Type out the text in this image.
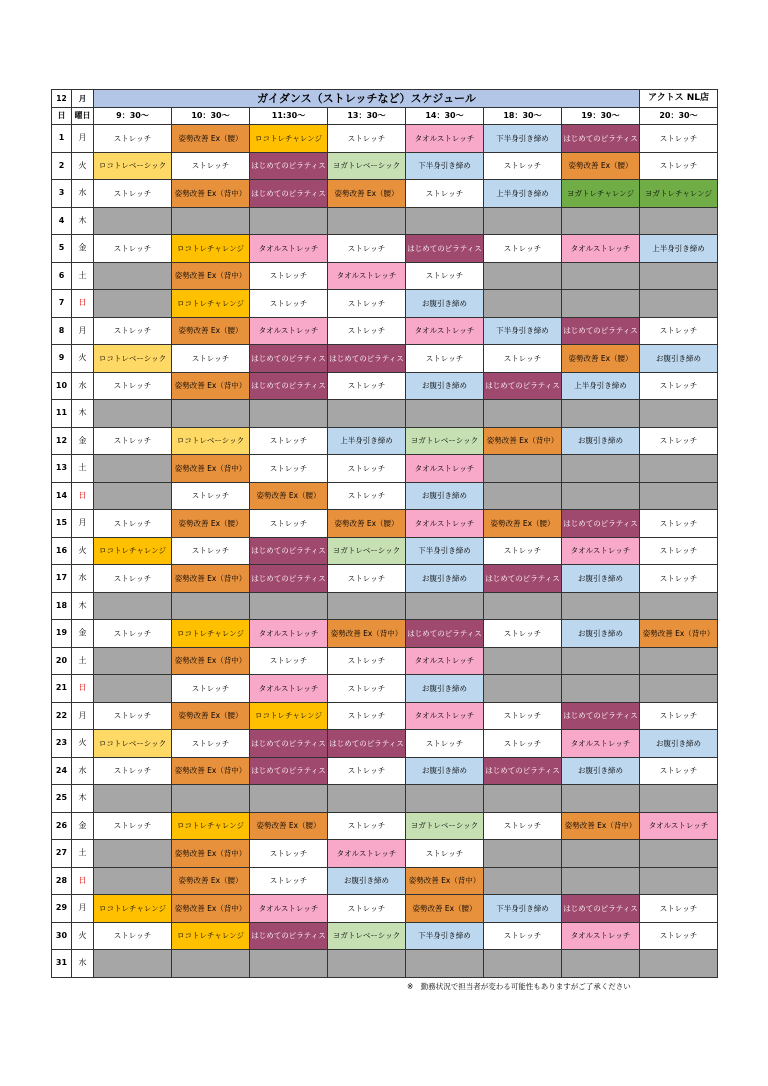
12	月	ガイダンス（ストレッチなど）スケジュール							アクトス NL店
日	曜日	9：30～	10：30～	11:30～	13：30～	14：30～	18：30～	19：30～	20：30～
1	月	ストレッチ	姿勢改善 Ex（腰）	ロコトレチャレンジ	ストレッチ	タオルストレッチ	下半身引き締め	はじめてのピラティス	ストレッチ
2	火	ロコトレベーシック	ストレッチ	はじめてのピラティス	ヨガトレベーシック	下半身引き締め	ストレッチ	姿勢改善 Ex（腰）	ストレッチ
3	水	ストレッチ	姿勢改善 Ex（背中）	はじめてのピラティス	姿勢改善 Ex（腰）	ストレッチ	上半身引き締め	ヨガトレチャレンジ	ヨガトレチャレンジ
4	木								
5	金	ストレッチ	ロコトレチャレンジ	タオルストレッチ	ストレッチ	はじめてのピラティス	ストレッチ	タオルストレッチ	上半身引き締め
6	土		姿勢改善 Ex（背中）	ストレッチ	タオルストレッチ	ストレッチ			
7	日		ロコトレチャレンジ	ストレッチ	ストレッチ	お腹引き締め			
8	月	ストレッチ	姿勢改善 Ex（腰）	タオルストレッチ	ストレッチ	タオルストレッチ	下半身引き締め	はじめてのピラティス	ストレッチ
9	火	ロコトレベーシック	ストレッチ	はじめてのピラティス	はじめてのピラティス	ストレッチ	ストレッチ	姿勢改善 Ex（腰）	お腹引き締め
10	水	ストレッチ	姿勢改善 Ex（背中）	はじめてのピラティス	ストレッチ	お腹引き締め	はじめてのピラティス	上半身引き締め	ストレッチ
11	木								
12	金	ストレッチ	ロコトレベーシック	ストレッチ	上半身引き締め	ヨガトレベーシック	姿勢改善 Ex（背中）	お腹引き締め	ストレッチ
13	土		姿勢改善 Ex（背中）	ストレッチ	ストレッチ	タオルストレッチ			
14	日		ストレッチ	姿勢改善 Ex（腰）	ストレッチ	お腹引き締め			
15	月	ストレッチ	姿勢改善 Ex（腰）	ストレッチ	姿勢改善 Ex（腰）	タオルストレッチ	姿勢改善 Ex（腰）	はじめてのピラティス	ストレッチ
16	火	ロコトレチャレンジ	ストレッチ	はじめてのピラティス	ヨガトレベーシック	下半身引き締め	ストレッチ	タオルストレッチ	ストレッチ
17	水	ストレッチ	姿勢改善 Ex（背中）	はじめてのピラティス	ストレッチ	お腹引き締め	はじめてのピラティス	お腹引き締め	ストレッチ
18	木								
19	金	ストレッチ	ロコトレチャレンジ	タオルストレッチ	姿勢改善 Ex（背中）	はじめてのピラティス	ストレッチ	お腹引き締め	姿勢改善 Ex（背中）
20	土		姿勢改善 Ex（背中）	ストレッチ	ストレッチ	タオルストレッチ			
21	日		ストレッチ	タオルストレッチ	ストレッチ	お腹引き締め			
22	月	ストレッチ	姿勢改善 Ex（腰）	ロコトレチャレンジ	ストレッチ	タオルストレッチ	ストレッチ	はじめてのピラティス	ストレッチ
23	火	ロコトレベーシック	ストレッチ	はじめてのピラティス	はじめてのピラティス	ストレッチ	ストレッチ	タオルストレッチ	お腹引き締め
24	水	ストレッチ	姿勢改善 Ex（背中）	はじめてのピラティス	ストレッチ	お腹引き締め	はじめてのピラティス	お腹引き締め	ストレッチ
25	木								
26	金	ストレッチ	ロコトレチャレンジ	姿勢改善 Ex（腰）	ストレッチ	ヨガトレベーシック	ストレッチ	姿勢改善 Ex（背中）	タオルストレッチ
27	土		姿勢改善 Ex（背中）	ストレッチ	タオルストレッチ	ストレッチ			
28	日		姿勢改善 Ex（腰）	ストレッチ	お腹引き締め	姿勢改善 Ex（背中）			
29	月	ロコトレチャレンジ	姿勢改善 Ex（背中）	タオルストレッチ	ストレッチ	姿勢改善 Ex（腰）	下半身引き締め	はじめてのピラティス	ストレッチ
30	火	ストレッチ	ロコトレチャレンジ	はじめてのピラティス	ヨガトレベーシック	下半身引き締め	ストレッチ	タオルストレッチ	ストレッチ
31	水								
※　勤務状況で担当者が変わる可能性もありますがご了承ください
